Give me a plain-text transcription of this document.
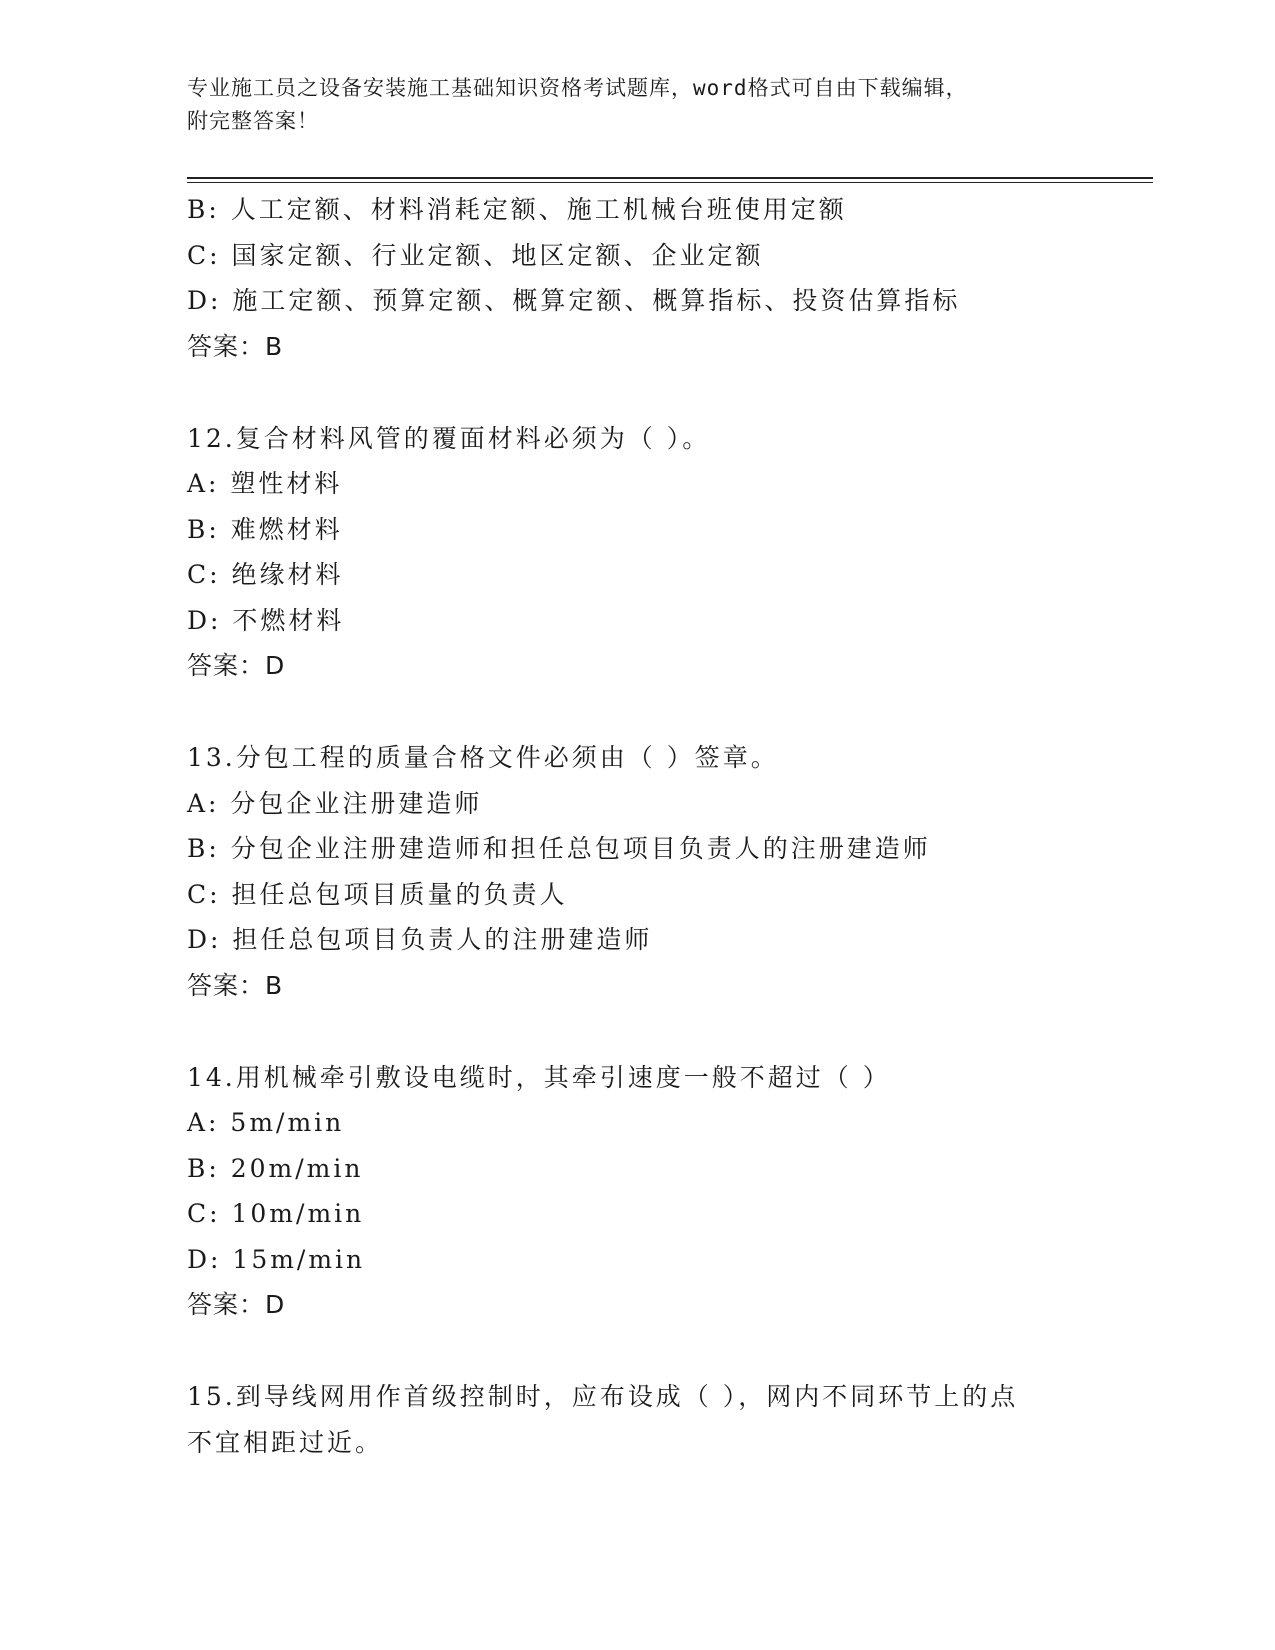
专业施工员之设备安装施工基础知识资格考试题库，word格式可自由下载编辑，
附完整答案！
B: 人工定额、材料消耗定额、施工机械台班使用定额
C: 国家定额、行业定额、地区定额、企业定额
D: 施工定额、预算定额、概算定额、概算指标、投资估算指标
答案：B
12.复合材料风管的覆面材料必须为（ ）。
A: 塑性材料
B: 难燃材料
C: 绝缘材料
D: 不燃材料
答案：D
13.分包工程的质量合格文件必须由（ ）签章。
A: 分包企业注册建造师
B: 分包企业注册建造师和担任总包项目负责人的注册建造师
C: 担任总包项目质量的负责人
D: 担任总包项目负责人的注册建造师
答案：B
14.用机械牵引敷设电缆时，其牵引速度一般不超过（ ）
A: 5m/min
B: 20m/min
C: 10m/min
D: 15m/min
答案：D
15.到导线网用作首级控制时，应布设成（ ），网内不同环节上的点
不宜相距过近。
